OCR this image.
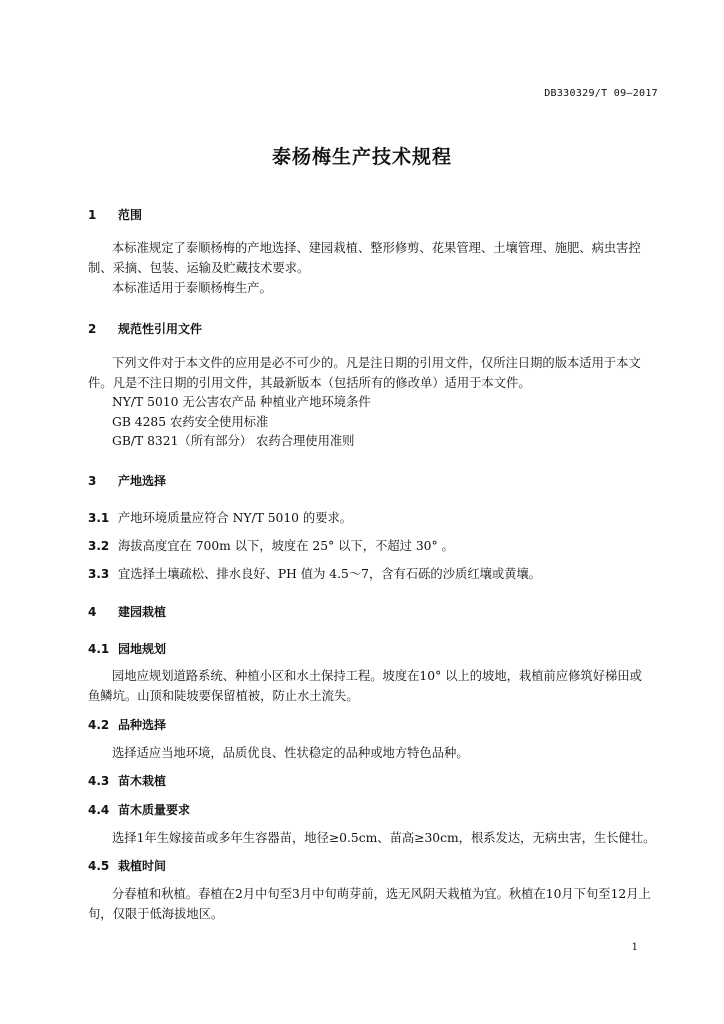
DB330329/T 09—2017
泰杨梅生产技术规程
1 范围
本标准规定了泰顺杨梅的产地选择、建园栽植、整形修剪、花果管理、土壤管理、施肥、病虫害控
制、采摘、包装、运输及贮藏技术要求。
本标准适用于泰顺杨梅生产。
2 规范性引用文件
下列文件对于本文件的应用是必不可少的。凡是注日期的引用文件，仅所注日期的版本适用于本文
件。凡是不注日期的引用文件，其最新版本（包括所有的修改单）适用于本文件。
NY/T 5010 无公害农产品 种植业产地环境条件
GB 4285 农药安全使用标准
GB/T 8321（所有部分） 农药合理使用准则
3 产地选择
3.1 产地环境质量应符合 NY/T 5010 的要求。
3.2 海拔高度宜在 700m 以下，坡度在 25° 以下，不超过 30° 。
3.3 宜选择土壤疏松、排水良好、PH 值为 4.5～7，含有石砾的沙质红壤或黄壤。
4 建园栽植
4.1 园地规划
园地应规划道路系统、种植小区和水土保持工程。坡度在10° 以上的坡地，栽植前应修筑好梯田或
鱼鳞坑。山顶和陡坡要保留植被，防止水土流失。
4.2 品种选择
选择适应当地环境，品质优良、性状稳定的品种或地方特色品种。
4.3 苗木栽植
4.4 苗木质量要求
选择1年生嫁接苗或多年生容器苗，地径≥0.5cm、苗高≥30cm，根系发达，无病虫害，生长健壮。
4.5 栽植时间
分春植和秋植。春植在2月中旬至3月中旬萌芽前，选无风阴天栽植为宜。秋植在10月下旬至12月上
旬，仅限于低海拔地区。
1
